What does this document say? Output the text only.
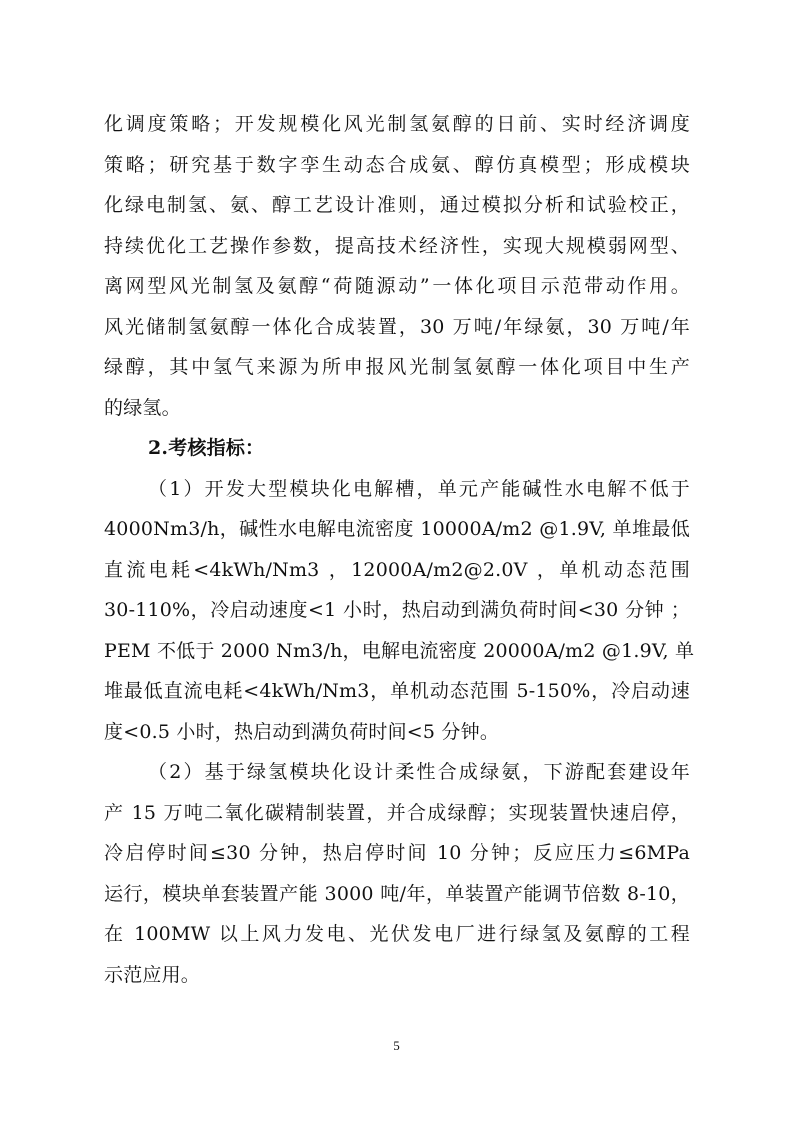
化调度策略；开发规模化风光制氢氨醇的日前、实时经济调度
策略；研究基于数字孪生动态合成氨、醇仿真模型；形成模块
化绿电制氢、氨、醇工艺设计准则，通过模拟分析和试验校正，
持续优化工艺操作参数，提高技术经济性，实现大规模弱网型、
离网型风光制氢及氨醇“荷随源动”一体化项目示范带动作用。
风光储制氢氨醇一体化合成装置，30 万吨/年绿氨，30 万吨/年
绿醇，其中氢气来源为所申报风光制氢氨醇一体化项目中生产
的绿氢。
2.考核指标：
（1）开发大型模块化电解槽，单元产能碱性水电解不低于
4000Nm3/h，碱性水电解电流密度 10000A/m2 @1.9V, 单堆最低
直流电耗<4kWh/Nm3 ，12000A/m2@2.0V ，单机动态范围
30-110%，冷启动速度<1 小时，热启动到满负荷时间<30 分钟 ；
PEM 不低于 2000 Nm3/h，电解电流密度 20000A/m2 @1.9V, 单
堆最低直流电耗<4kWh/Nm3，单机动态范围 5-150%，冷启动速
度<0.5 小时，热启动到满负荷时间<5 分钟。
（2）基于绿氢模块化设计柔性合成绿氨，下游配套建设年
产 15 万吨二氧化碳精制装置，并合成绿醇；实现装置快速启停，
冷启停时间≤30 分钟，热启停时间 10 分钟；反应压力≤6MPa
运行，模块单套装置产能 3000 吨/年，单装置产能调节倍数 8-10，
在 100MW 以上风力发电、光伏发电厂进行绿氢及氨醇的工程
示范应用。
5
